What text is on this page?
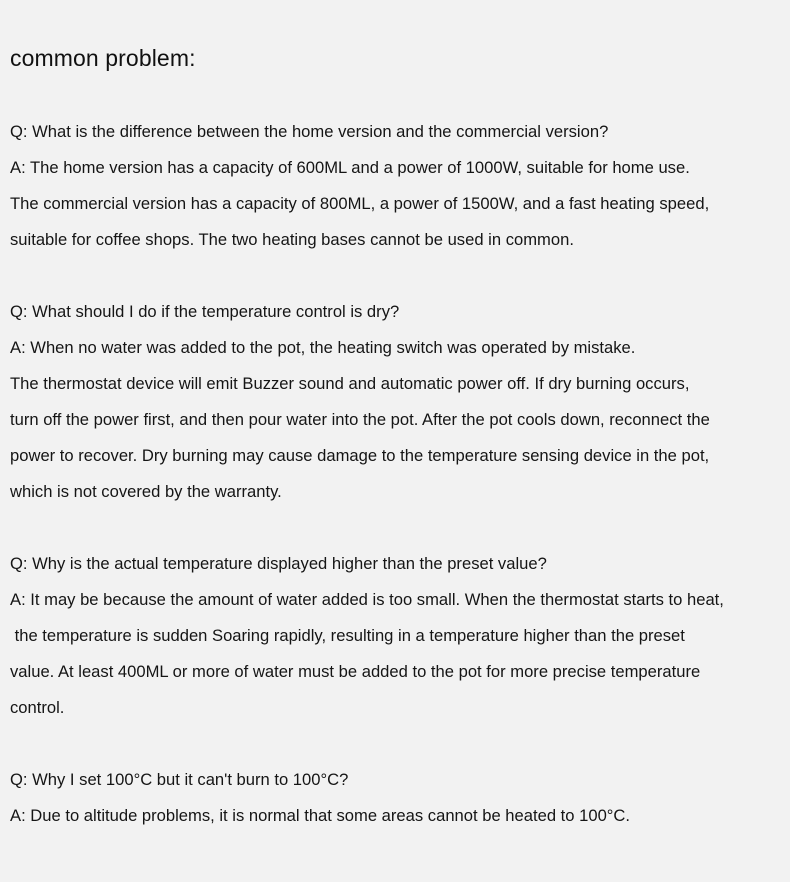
common problem:
Q: What is the difference between the home version and the commercial version?
A: The home version has a capacity of 600ML and a power of 1000W, suitable for home use.
The commercial version has a capacity of 800ML, a power of 1500W, and a fast heating speed,
suitable for coffee shops. The two heating bases cannot be used in common.
Q: What should I do if the temperature control is dry?
A: When no water was added to the pot, the heating switch was operated by mistake.
The thermostat device will emit Buzzer sound and automatic power off. If dry burning occurs,
turn off the power first, and then pour water into the pot. After the pot cools down, reconnect the
power to recover. Dry burning may cause damage to the temperature sensing device in the pot,
which is not covered by the warranty.
Q: Why is the actual temperature displayed higher than the preset value?
A: It may be because the amount of water added is too small. When the thermostat starts to heat,
the temperature is sudden Soaring rapidly, resulting in a temperature higher than the preset
value. At least 400ML or more of water must be added to the pot for more precise temperature
control.
Q: Why I set 100°C but it can't burn to 100°C?
A: Due to altitude problems, it is normal that some areas cannot be heated to 100°C.
